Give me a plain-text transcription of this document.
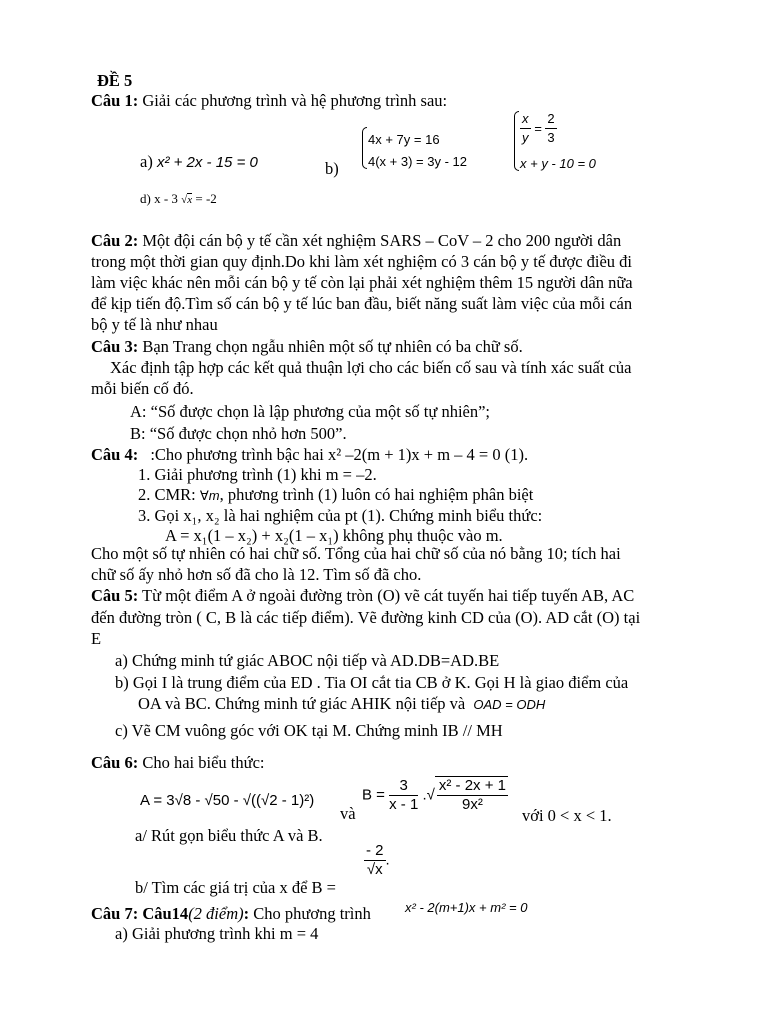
ĐỀ 5
Câu 1: Giải các phương trình và hệ phương trình sau:
a) x² + 2x - 15 = 0	b)
4x + 7y = 16
4(x + 3) = 3y - 12
$\frac{x}{y} = \frac{2}{3}$
x + y - 10 = 0
d) x - 3 √x = -2
Câu 2: Một đội cán bộ y tế cần xét nghiệm SARS – CoV – 2 cho 200 người dân
trong một thời gian quy định.Do khi làm xét nghiệm có 3 cán bộ y tế được điều đi
làm việc khác nên mỗi cán bộ y tế còn lại phải xét nghiệm thêm 15 người dân nữa
để kịp tiến độ.Tìm số cán bộ y tế lúc ban đầu, biết năng suất làm việc của mỗi cán
bộ y tế là như nhau
Câu 3: Bạn Trang chọn ngẫu nhiên một số tự nhiên có ba chữ số.
Xác định tập hợp các kết quả thuận lợi cho các biến cố sau và tính xác suất của
mỗi biến cố đó.
A: “Số được chọn là lập phương của một số tự nhiên”;
B: “Số được chọn nhỏ hơn 500”.
Câu 4: :Cho phương trình bậc hai x² –2(m + 1)x + m – 4 = 0 (1).
1. Giải phương trình (1) khi m = –2.
2. CMR: ∀m, phương trình (1) luôn có hai nghiệm phân biệt
3. Gọi x₁, x₂ là hai nghiệm của pt (1). Chứng minh biểu thức:
A = x₁(1 – x₂) + x₂(1 – x₁) không phụ thuộc vào m.
Cho một số tự nhiên có hai chữ số. Tổng của hai chữ số của nó bằng 10; tích hai
chữ số ấy nhỏ hơn số đã cho là 12. Tìm số đã cho.
Câu 5: Từ một điểm A ở ngoài đường tròn (O) vẽ cát tuyến hai tiếp tuyến AB, AC
đến đường tròn ( C, B là các tiếp điểm). Vẽ đường kinh CD của (O). AD cắt (O) tại
E
a) Chứng minh tứ giác ABOC nội tiếp và AD.DB=AD.BE
b) Gọi I là trung điểm của ED . Tia OI cắt tia CB ở K. Gọi H là giao điểm của
OA và BC. Chứng minh tứ giác AHIK nội tiếp và OAD = ODH
c) Vẽ CM vuông góc với OK tại M. Chứng minh IB // MH
Câu 6: Cho hai biểu thức:
A = 3√8 - √50 - √((√2 - 1)²)
và
$B = \frac{3}{x - 1}$ .√ $\frac{\text{x² - 2x + 1}}{\text{9x²}}$
với 0 < x < 1.
a/ Rút gọn biểu thức A và B.
b/ Tìm các giá trị của x để B =
$\frac{- 2}{√x}$ .
Câu 7: Câu14(2 điểm): Cho phương trình	x² - 2(m+1)x + m² = 0
a) Giải phương trình khi m = 4
